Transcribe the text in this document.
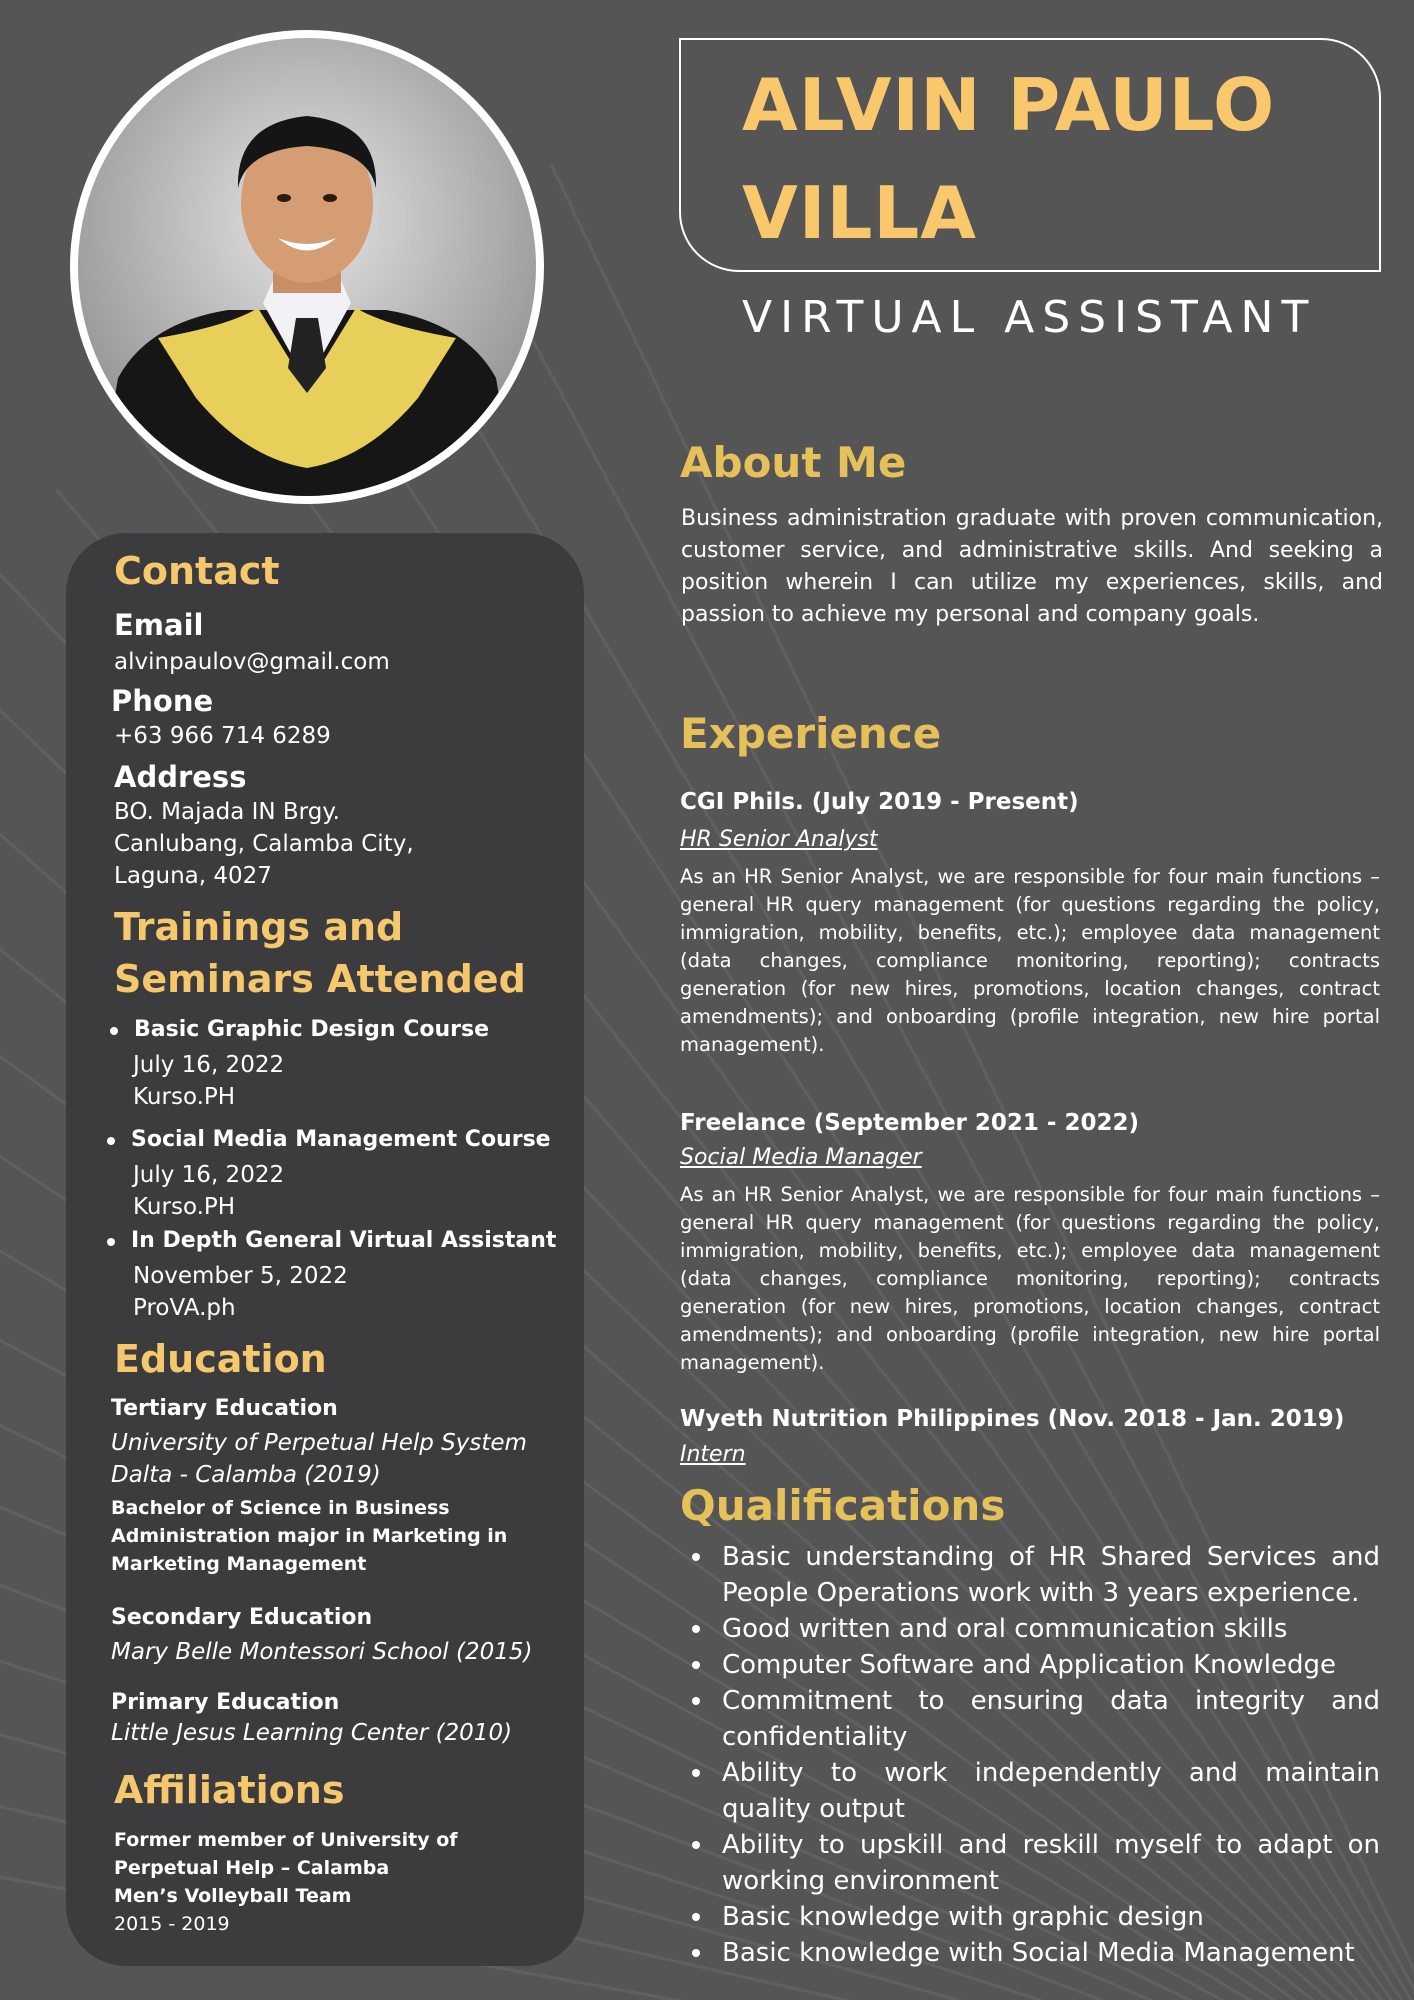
Contact
Email
alvinpaulov@gmail.com
Phone
+63 966 714 6289
Address
BO. Majada IN Brgy.
Canlubang, Calamba City,
Laguna, 4027
Trainings and
Seminars Attended
Basic Graphic Design Course
July 16, 2022
Kurso.PH
Social Media Management Course
July 16, 2022
Kurso.PH
In Depth General Virtual Assistant
November 5, 2022
ProVA.ph
Education
Tertiary Education
University of Perpetual Help System
Dalta - Calamba (2019)
Bachelor of Science in Business
Administration major in Marketing in
Marketing Management
Secondary Education
Mary Belle Montessori School (2015)
Primary Education
Little Jesus Learning Center (2010)
Affiliations
Former member of University of
Perpetual Help – Calamba
Men’s Volleyball Team
2015 - 2019
ALVIN PAULO
VILLA
VIRTUAL ASSISTANT
About Me
Business administration graduate with proven communication, customer service, and administrative skills. And seeking a position wherein I can utilize my experiences, skills, and passion to achieve my personal and company goals.
Experience
CGI Phils. (July 2019 - Present)
HR Senior Analyst
As an HR Senior Analyst, we are responsible for four main functions – general HR query management (for questions regarding the policy, immigration, mobility, benefits, etc.); employee data management (data changes, compliance monitoring, reporting); contracts generation (for new hires, promotions, location changes, contract amendments); and onboarding (profile integration, new hire portal management).
Freelance (September 2021 - 2022)
Social Media Manager
As an HR Senior Analyst, we are responsible for four main functions – general HR query management (for questions regarding the policy, immigration, mobility, benefits, etc.); employee data management (data changes, compliance monitoring, reporting); contracts generation (for new hires, promotions, location changes, contract amendments); and onboarding (profile integration, new hire portal management).
Wyeth Nutrition Philippines (Nov. 2018 - Jan. 2019)
Intern
Qualifications
Basic understanding of HR Shared Services and People Operations work with 3 years experience.
Good written and oral communication skills
Computer Software and Application Knowledge
Commitment to ensuring data integrity and confidentiality
Ability to work independently and maintain quality output
Ability to upskill and reskill myself to adapt on working environment
Basic knowledge with graphic design
Basic knowledge with Social Media Management
